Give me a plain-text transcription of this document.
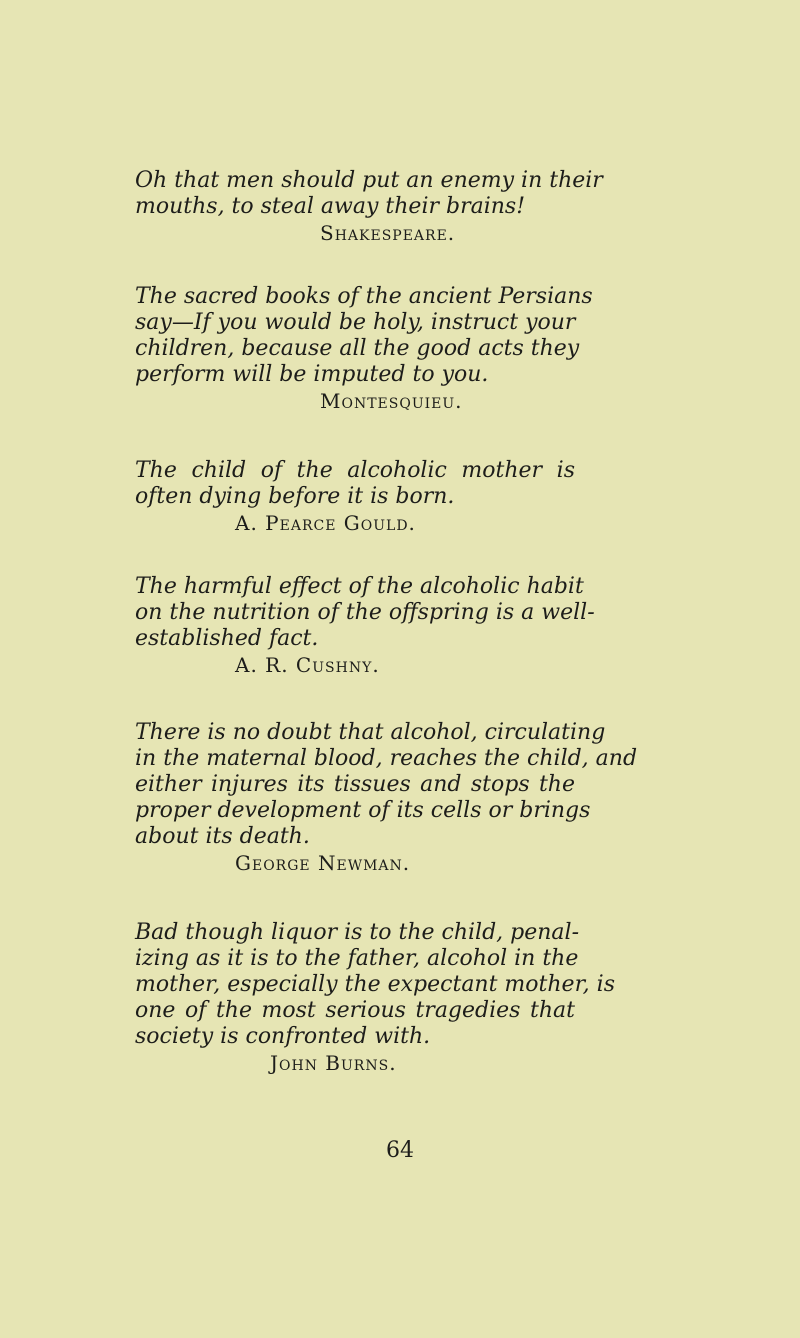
Oh that men should put an enemy in their
mouths, to steal away their brains!
Shakespeare.
The sacred books of the ancient Persians
say—If you would be holy, instruct your
children, because all the good acts they
perform will be imputed to you.
Montesquieu.
The child of the alcoholic mother is
often dying before it is born.
A. Pearce Gould.
The harmful effect of the alcoholic habit
on the nutrition of the offspring is a well-
established fact.
A. R. Cushny.
There is no doubt that alcohol, circulating
in the maternal blood, reaches the child, and
either injures its tissues and stops the
proper development of its cells or brings
about its death.
George Newman.
Bad though liquor is to the child, penal-
izing as it is to the father, alcohol in the
mother, especially the expectant mother, is
one of the most serious tragedies that
society is confronted with.
John Burns.
64
